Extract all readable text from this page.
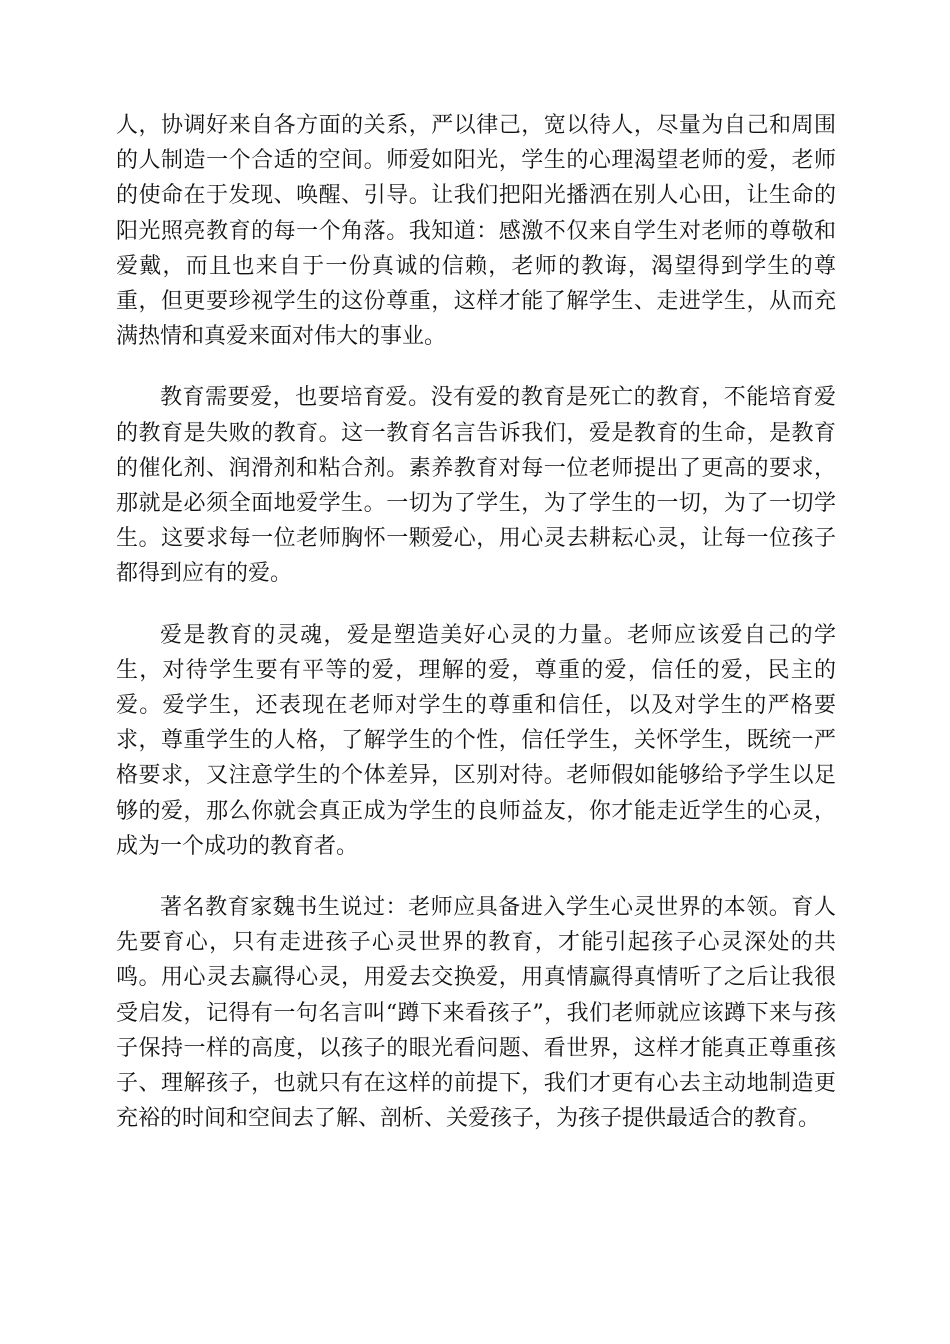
人，协调好来自各方面的关系，严以律己，宽以待人，尽量为自己和周围的人制造一个合适的空间。师爱如阳光，学生的心理渴望老师的爱，老师的使命在于发现、唤醒、引导。让我们把阳光播洒在别人心田，让生命的阳光照亮教育的每一个角落。我知道：感激不仅来自学生对老师的尊敬和爱戴，而且也来自于一份真诚的信赖，老师的教诲，渴望得到学生的尊重，但更要珍视学生的这份尊重，这样才能了解学生、走进学生，从而充满热情和真爱来面对伟大的事业。

教育需要爱，也要培育爱。没有爱的教育是死亡的教育，不能培育爱的教育是失败的教育。这一教育名言告诉我们，爱是教育的生命，是教育的催化剂、润滑剂和粘合剂。素养教育对每一位老师提出了更高的要求，那就是必须全面地爱学生。一切为了学生，为了学生的一切，为了一切学生。这要求每一位老师胸怀一颗爱心，用心灵去耕耘心灵，让每一位孩子都得到应有的爱。

爱是教育的灵魂，爱是塑造美好心灵的力量。老师应该爱自己的学生，对待学生要有平等的爱，理解的爱，尊重的爱，信任的爱，民主的爱。爱学生，还表现在老师对学生的尊重和信任，以及对学生的严格要求，尊重学生的人格，了解学生的个性，信任学生，关怀学生，既统一严格要求，又注意学生的个体差异，区别对待。老师假如能够给予学生以足够的爱，那么你就会真正成为学生的良师益友，你才能走近学生的心灵，成为一个成功的教育者。

著名教育家魏书生说过：老师应具备进入学生心灵世界的本领。育人先要育心，只有走进孩子心灵世界的教育，才能引起孩子心灵深处的共鸣。用心灵去赢得心灵，用爱去交换爱，用真情赢得真情听了之后让我很受启发，记得有一句名言叫“蹲下来看孩子”，我们老师就应该蹲下来与孩子保持一样的高度，以孩子的眼光看问题、看世界，这样才能真正尊重孩子、理解孩子，也就只有在这样的前提下，我们才更有心去主动地制造更充裕的时间和空间去了解、剖析、关爱孩子，为孩子提供最适合的教育。
